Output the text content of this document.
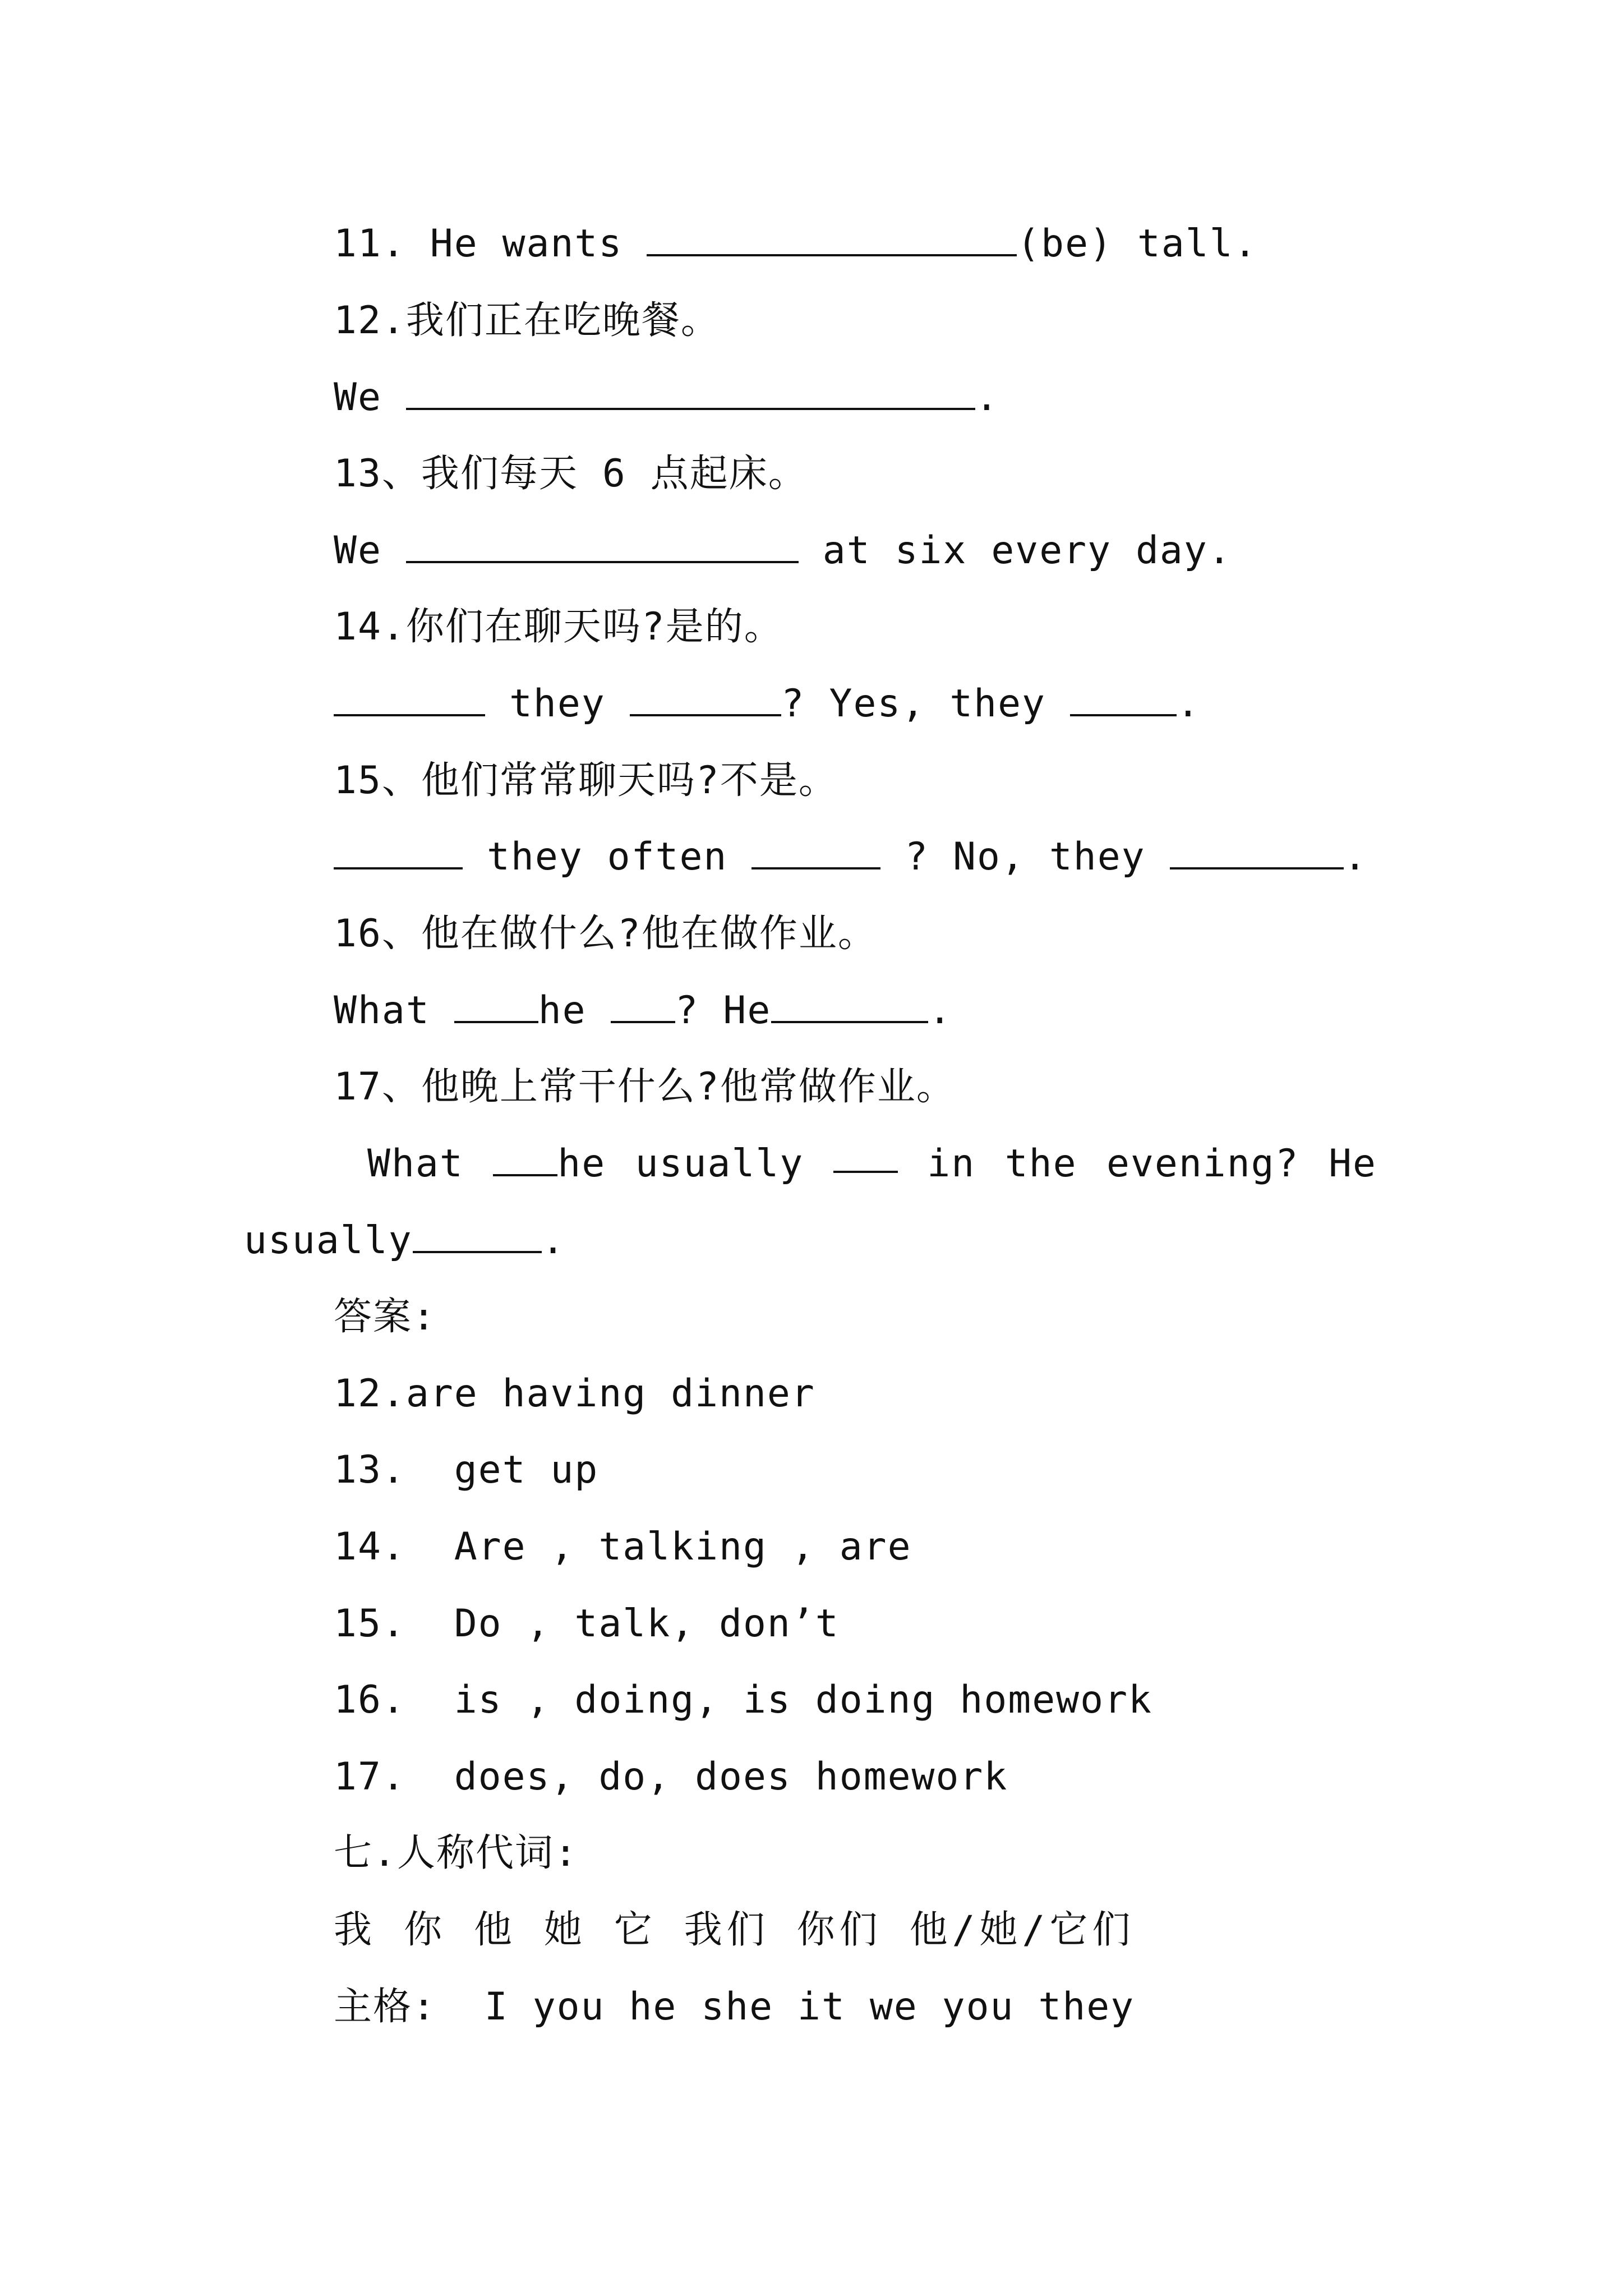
11. He wants	(be) tall.
12.我们正在吃晚餐。
We	.
13、我们每天 6 点起床。
We	at six every day.
14.你们在聊天吗?是的。
they	? Yes, they	.
15、他们常常聊天吗?不是。
they often	? No, they	.
16、他在做什么?他在做作业。
What he ? He	.
17、他晚上常干什么?他常做作业。
What	he usually	in the evening? He
usually	.
答案:
12.are having dinner
13.  get up
14.  Are , talking , are
15.  Do , talk, don’t
16.  is , doing, is doing homework
17.  does, do, does homework
七.人称代词:
我 你 他 她 它 我们 你们 他/她/它们
主格:  I you he she it we you they
